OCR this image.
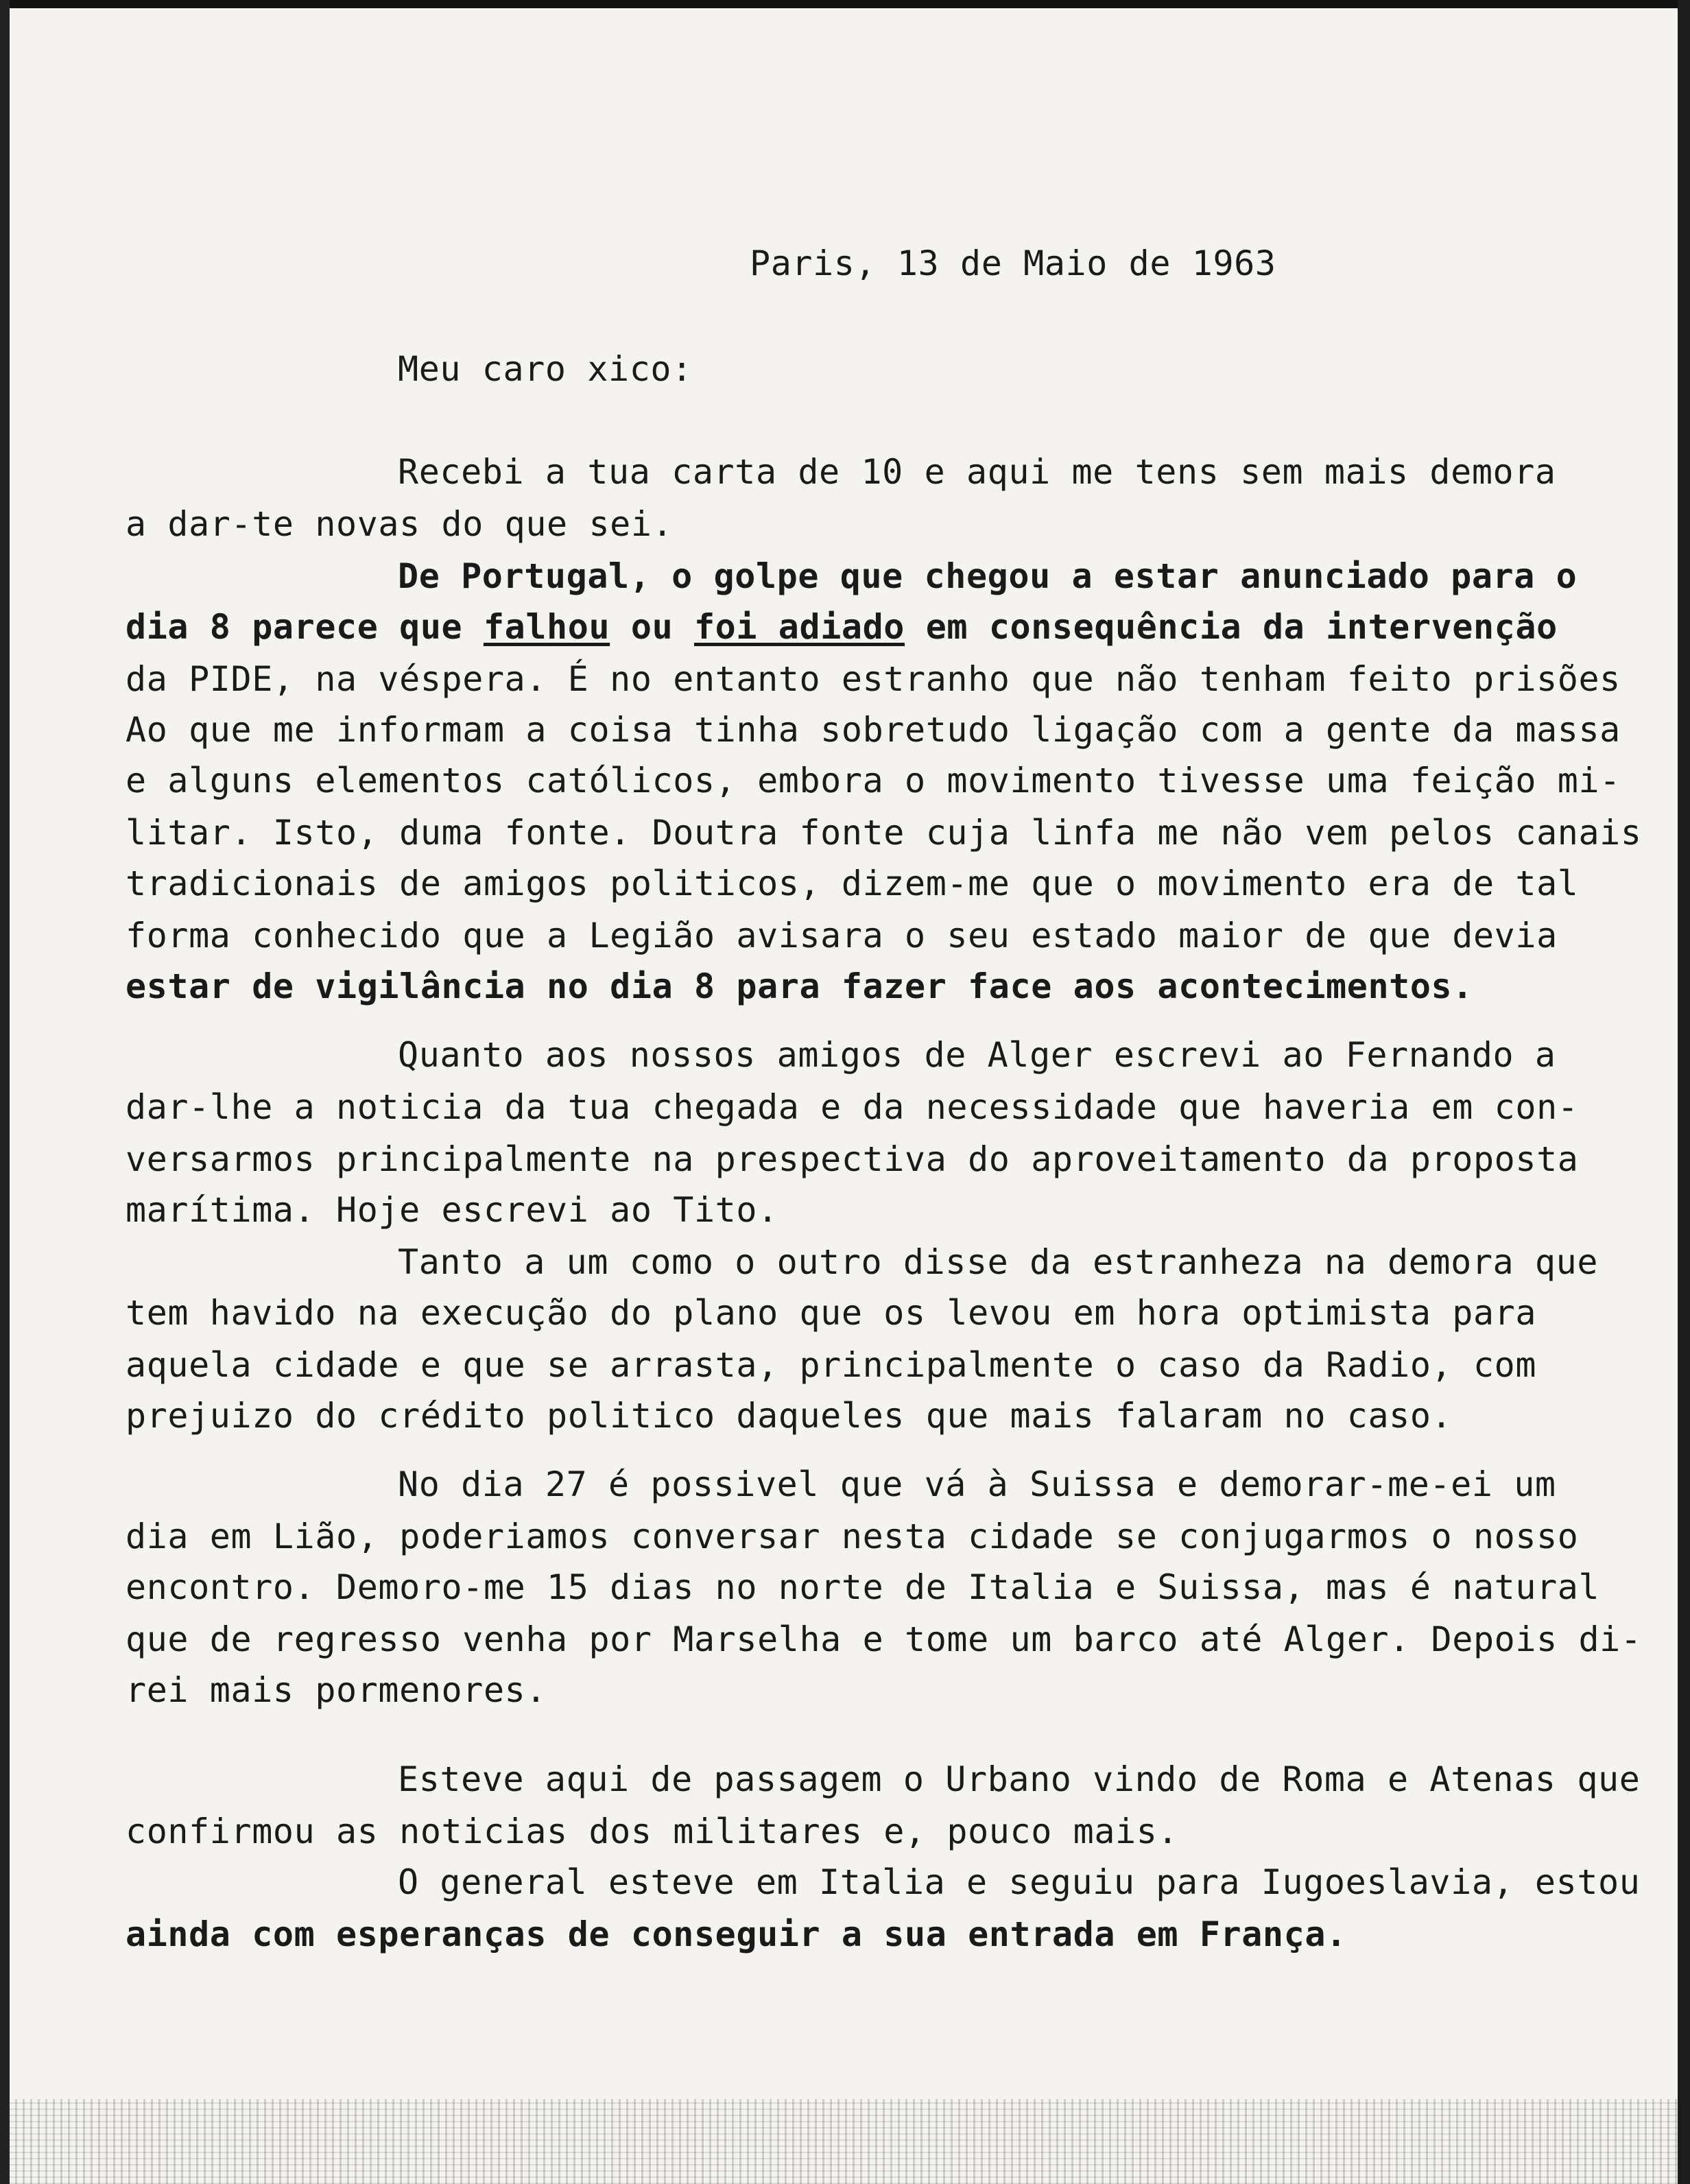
Paris, 13 de Maio de 1963

Meu caro xico:

Recebi a tua carta de 10 e aqui me tens sem mais demora

a dar-te novas do que sei.

De Portugal, o golpe que chegou a estar anunciado para o

dia 8 parece que falhou ou foi adiado em consequência da intervenção

da PIDE, na véspera. É no entanto estranho que não tenham feito prisões

Ao que me informam a coisa tinha sobretudo ligação com a gente da massa

e alguns elementos católicos, embora o movimento tivesse uma feição mi-

litar. Isto, duma fonte. Doutra fonte cuja linfa me não vem pelos canais

tradicionais de amigos politicos, dizem-me que o movimento era de tal

forma conhecido que a Legião avisara o seu estado maior de que devia

estar de vigilância no dia 8 para fazer face aos acontecimentos.

Quanto aos nossos amigos de Alger escrevi ao Fernando a

dar-lhe a noticia da tua chegada e da necessidade que haveria em con-

versarmos principalmente na prespectiva do aproveitamento da proposta

marítima. Hoje escrevi ao Tito.

Tanto a um como o outro disse da estranheza na demora que

tem havido na execução do plano que os levou em hora optimista para

aquela cidade e que se arrasta, principalmente o caso da Radio, com

prejuizo do crédito politico daqueles que mais falaram no caso.

No dia 27 é possivel que vá à Suissa e demorar-me-ei um

dia em Lião, poderiamos conversar nesta cidade se conjugarmos o nosso

encontro. Demoro-me 15 dias no norte de Italia e Suissa, mas é natural

que de regresso venha por Marselha e tome um barco até Alger. Depois di-

rei mais pormenores.

Esteve aqui de passagem o Urbano vindo de Roma e Atenas que

confirmou as noticias dos militares e, pouco mais.

O general esteve em Italia e seguiu para Iugoeslavia, estou

ainda com esperanças de conseguir a sua entrada em França.
